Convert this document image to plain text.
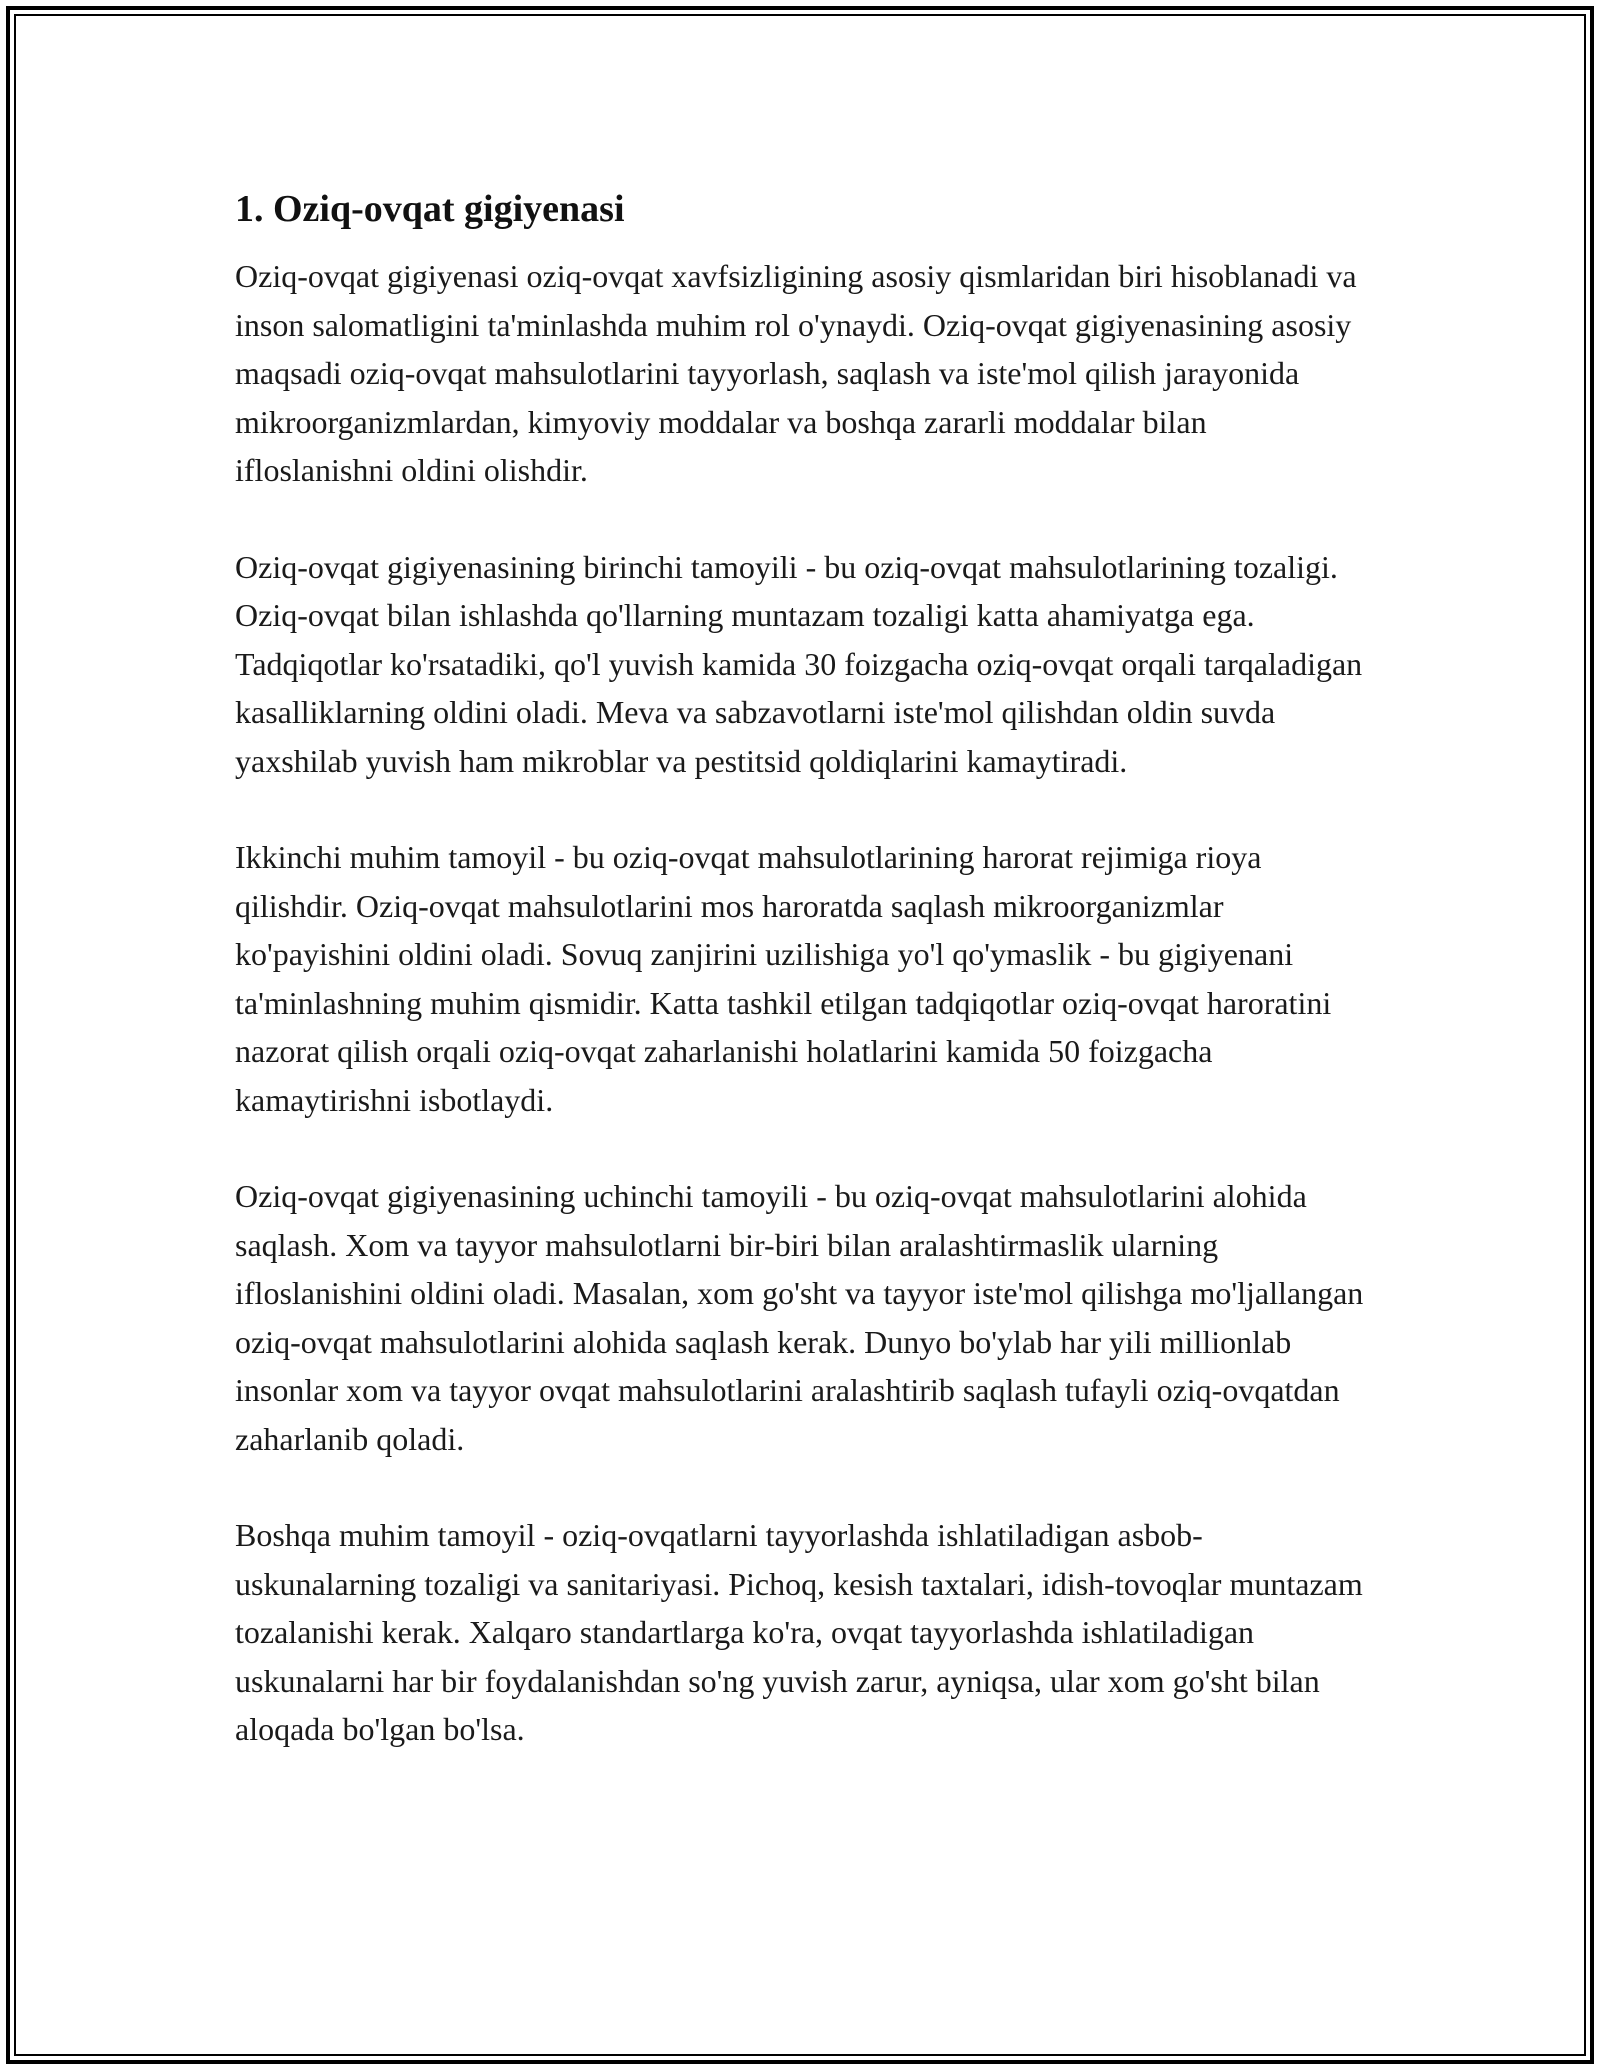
1. Oziq-ovqat gigiyenasi

Oziq-ovqat gigiyenasi oziq-ovqat xavfsizligining asosiy qismlaridan biri hisoblanadi va inson salomatligini ta'minlashda muhim rol o'ynaydi. Oziq-ovqat gigiyenasining asosiy maqsadi oziq-ovqat mahsulotlarini tayyorlash, saqlash va iste'mol qilish jarayonida mikroorganizmlardan, kimyoviy moddalar va boshqa zararli moddalar bilan ifloslanishni oldini olishdir.

Oziq-ovqat gigiyenasining birinchi tamoyili - bu oziq-ovqat mahsulotlarining tozaligi. Oziq-ovqat bilan ishlashda qo'llarning muntazam tozaligi katta ahamiyatga ega. Tadqiqotlar ko'rsatadiki, qo'l yuvish kamida 30 foizgacha oziq-ovqat orqali tarqaladigan kasalliklarning oldini oladi. Meva va sabzavotlarni iste'mol qilishdan oldin suvda yaxshilab yuvish ham mikroblar va pestitsid qoldiqlarini kamaytiradi.

Ikkinchi muhim tamoyil - bu oziq-ovqat mahsulotlarining harorat rejimiga rioya qilishdir. Oziq-ovqat mahsulotlarini mos haroratda saqlash mikroorganizmlar ko'payishini oldini oladi. Sovuq zanjirini uzilishiga yo'l qo'ymaslik - bu gigiyenani ta'minlashning muhim qismidir. Katta tashkil etilgan tadqiqotlar oziq-ovqat haroratini nazorat qilish orqali oziq-ovqat zaharlanishi holatlarini kamida 50 foizgacha kamaytirishni isbotlaydi.

Oziq-ovqat gigiyenasining uchinchi tamoyili - bu oziq-ovqat mahsulotlarini alohida saqlash. Xom va tayyor mahsulotlarni bir-biri bilan aralashtirmaslik ularning ifloslanishini oldini oladi. Masalan, xom go'sht va tayyor iste'mol qilishga mo'ljallangan oziq-ovqat mahsulotlarini alohida saqlash kerak. Dunyo bo'ylab har yili millionlab insonlar xom va tayyor ovqat mahsulotlarini aralashtirib saqlash tufayli oziq-ovqatdan zaharlanib qoladi.

Boshqa muhim tamoyil - oziq-ovqatlarni tayyorlashda ishlatiladigan asbob-uskunalarning tozaligi va sanitariyasi. Pichoq, kesish taxtalari, idish-tovoqlar muntazam tozalanishi kerak. Xalqaro standartlarga ko'ra, ovqat tayyorlashda ishlatiladigan uskunalarni har bir foydalanishdan so'ng yuvish zarur, ayniqsa, ular xom go'sht bilan aloqada bo'lgan bo'lsa.
